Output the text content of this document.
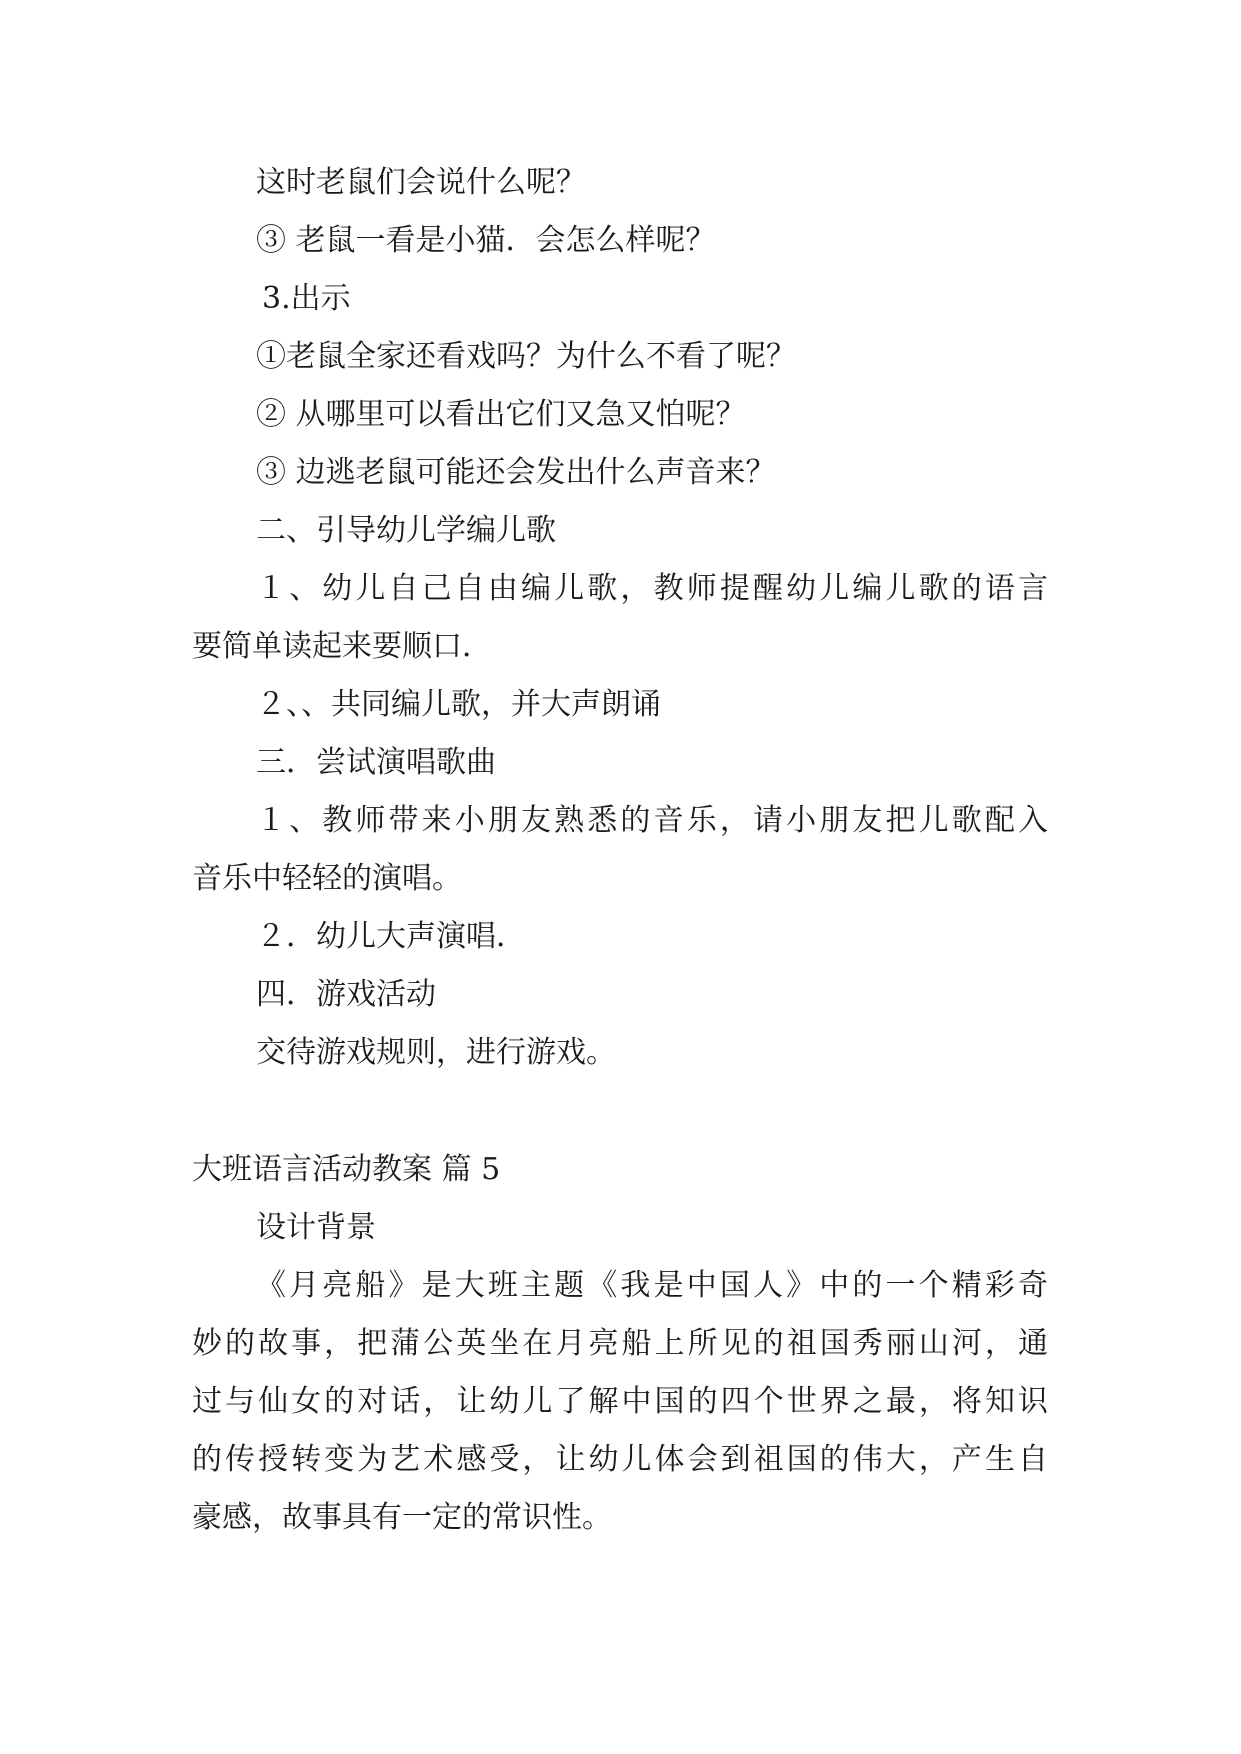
这时老鼠们会说什么呢？

③ 老鼠一看是小猫．会怎么样呢？

3.出示

①老鼠全家还看戏吗？为什么不看了呢？

② 从哪里可以看出它们又急又怕呢？

③ 边逃老鼠可能还会发出什么声音来？

二、引导幼儿学编儿歌

１、幼儿自己自由编儿歌，教师提醒幼儿编儿歌的语言

要简单读起来要顺口．

２、、共同编儿歌，并大声朗诵

三．尝试演唱歌曲

１、教师带来小朋友熟悉的音乐，请小朋友把儿歌配入

音乐中轻轻的演唱。

２．幼儿大声演唱．

四．游戏活动

交待游戏规则，进行游戏。

大班语言活动教案 篇 5

设计背景

《月亮船》是大班主题《我是中国人》中的一个精彩奇

妙的故事，把蒲公英坐在月亮船上所见的祖国秀丽山河，通

过与仙女的对话，让幼儿了解中国的四个世界之最，将知识

的传授转变为艺术感受，让幼儿体会到祖国的伟大，产生自

豪感，故事具有一定的常识性。
